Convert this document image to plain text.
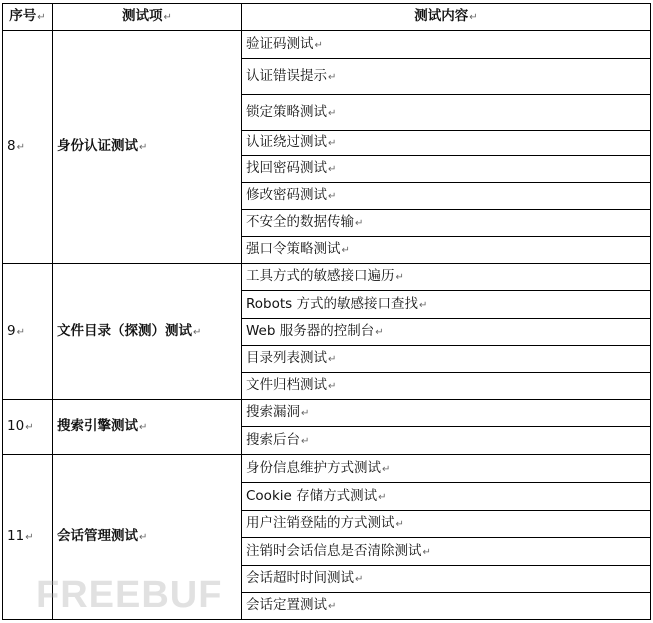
序号↵	测试项↵	测试内容↵
8↵	身份认证测试↵	验证码测试↵
		认证错误提示↵
		锁定策略测试↵
		认证绕过测试↵
		找回密码测试↵
		修改密码测试↵
		不安全的数据传输↵
		强口令策略测试↵
9↵	文件目录（探测）测试↵	工具方式的敏感接口遍历↵
		Robots 方式的敏感接口查找↵
		Web 服务器的控制台↵
		目录列表测试↵
		文件归档测试↵
10↵	搜索引擎测试↵	搜索漏洞↵
		搜索后台↵
11↵	会话管理测试↵	身份信息维护方式测试↵
		Cookie 存储方式测试↵
		用户注销登陆的方式测试↵
		注销时会话信息是否清除测试↵
		会话超时时间测试↵
		会话定置测试↵
FREEBUF
